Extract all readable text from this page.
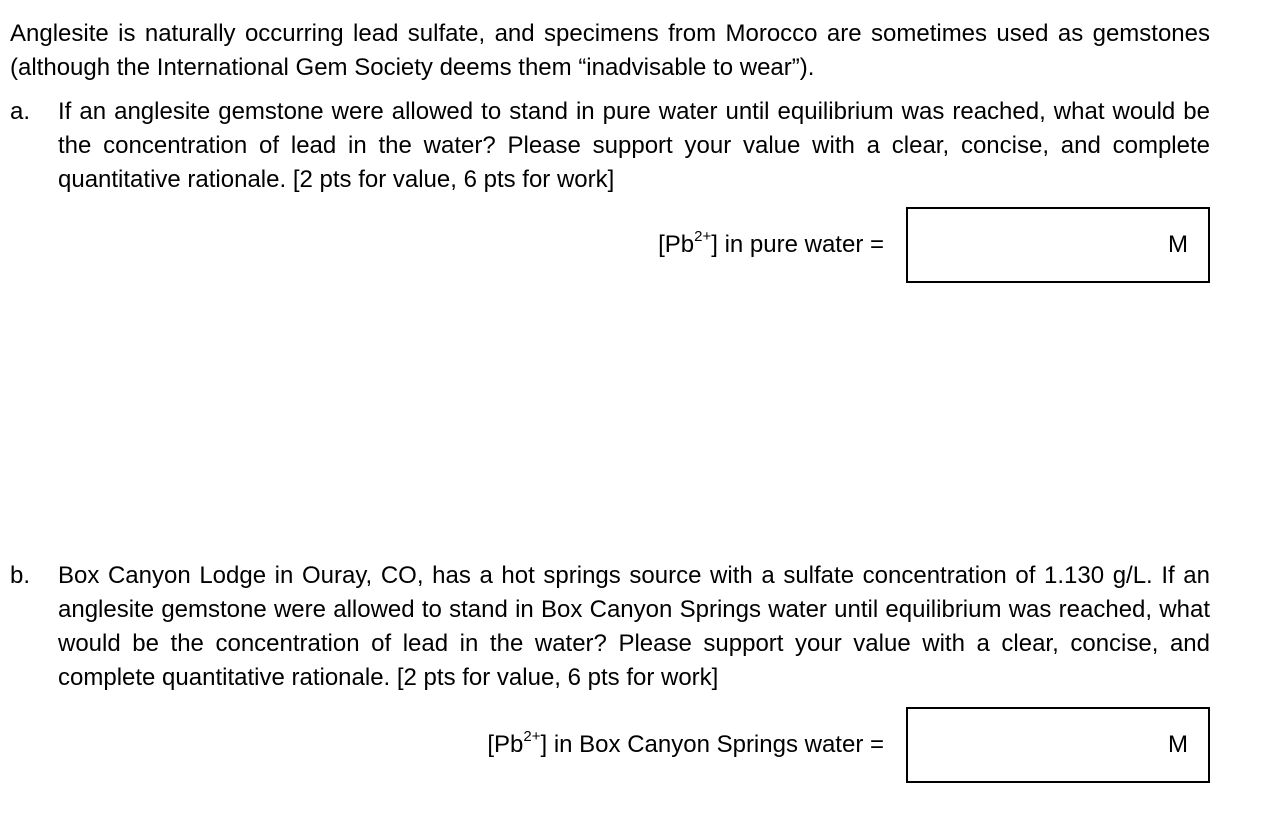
Anglesite is naturally occurring lead sulfate, and specimens from Morocco are sometimes used as gemstones (although the International Gem Society deems them “inadvisable to wear”).

a. If an anglesite gemstone were allowed to stand in pure water until equilibrium was reached, what would be the concentration of lead in the water? Please support your value with a clear, concise, and complete quantitative rationale. [2 pts for value, 6 pts for work]

$[Pb^{2+}]$ in pure water =	M
b. Box Canyon Lodge in Ouray, CO, has a hot springs source with a sulfate concentration of 1.130 g/L. If an anglesite gemstone were allowed to stand in Box Canyon Springs water until equilibrium was reached, what would be the concentration of lead in the water? Please support your value with a clear, concise, and complete quantitative rationale. [2 pts for value, 6 pts for work]

$[Pb^{2+}]$ in Box Canyon Springs water =	M
